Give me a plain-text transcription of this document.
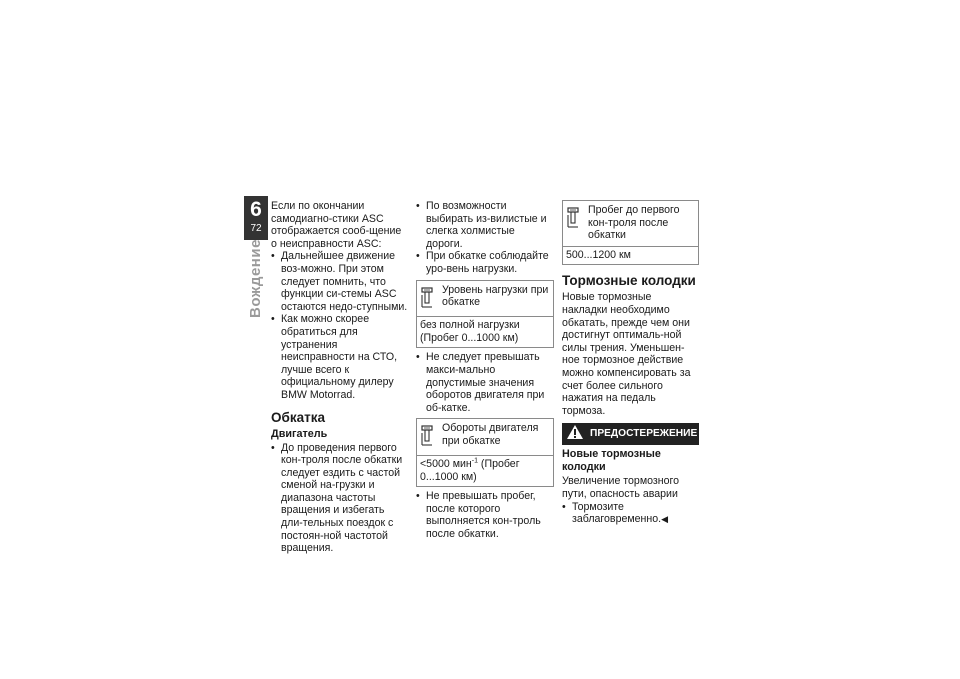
6
72
Вождение

Если по окончании самодиагно-стики ASC отображается сооб-щение о неисправности ASC:

• Дальнейшее движение воз-можно. При этом следует помнить, что функции си-стемы ASC остаются недо-ступными.
• Как можно скорее обратиться для устранения неисправности на СТО, лучше всего к официальному дилеру BMW Motorrad.
Обкатка
Двигатель
• До проведения первого кон-троля после обкатки следует ездить с частой сменой на-грузки и диапазона частоты вращения и избегать дли-тельных поездок с постоян-ной частотой вращения.
• По возможности выбирать из-вилистые и слегка холмистые дороги.
• При обкатке соблюдайте уро-вень нагрузки.
Уровень нагрузки при обкатке
без полной нагрузки (Пробег 0...1000 км)
• Не следует превышать макси-мально допустимые значения оборотов двигателя при об-катке.
Обороты двигателя при обкатке
<5000 мин$^{-1}$ (Пробег 0...1000 км)
• Не превышать пробег, после которого выполняется кон-троль после обкатки.
Пробег до первого кон-троля после обкатки
500...1200 км
Тормозные колодки

Новые тормозные накладки необходимо обкатать, прежде чем они достигнут оптималь-ной силы трения. Уменьшен-ное тормозное действие можно компенсировать за счет более сильного нажатия на педаль тормоза.

ПРЕДОСТЕРЕЖЕНИЕ
Новые тормозные колодки

Увеличение тормозного пути, опасность аварии

• Тормозите заблаговременно.◀
